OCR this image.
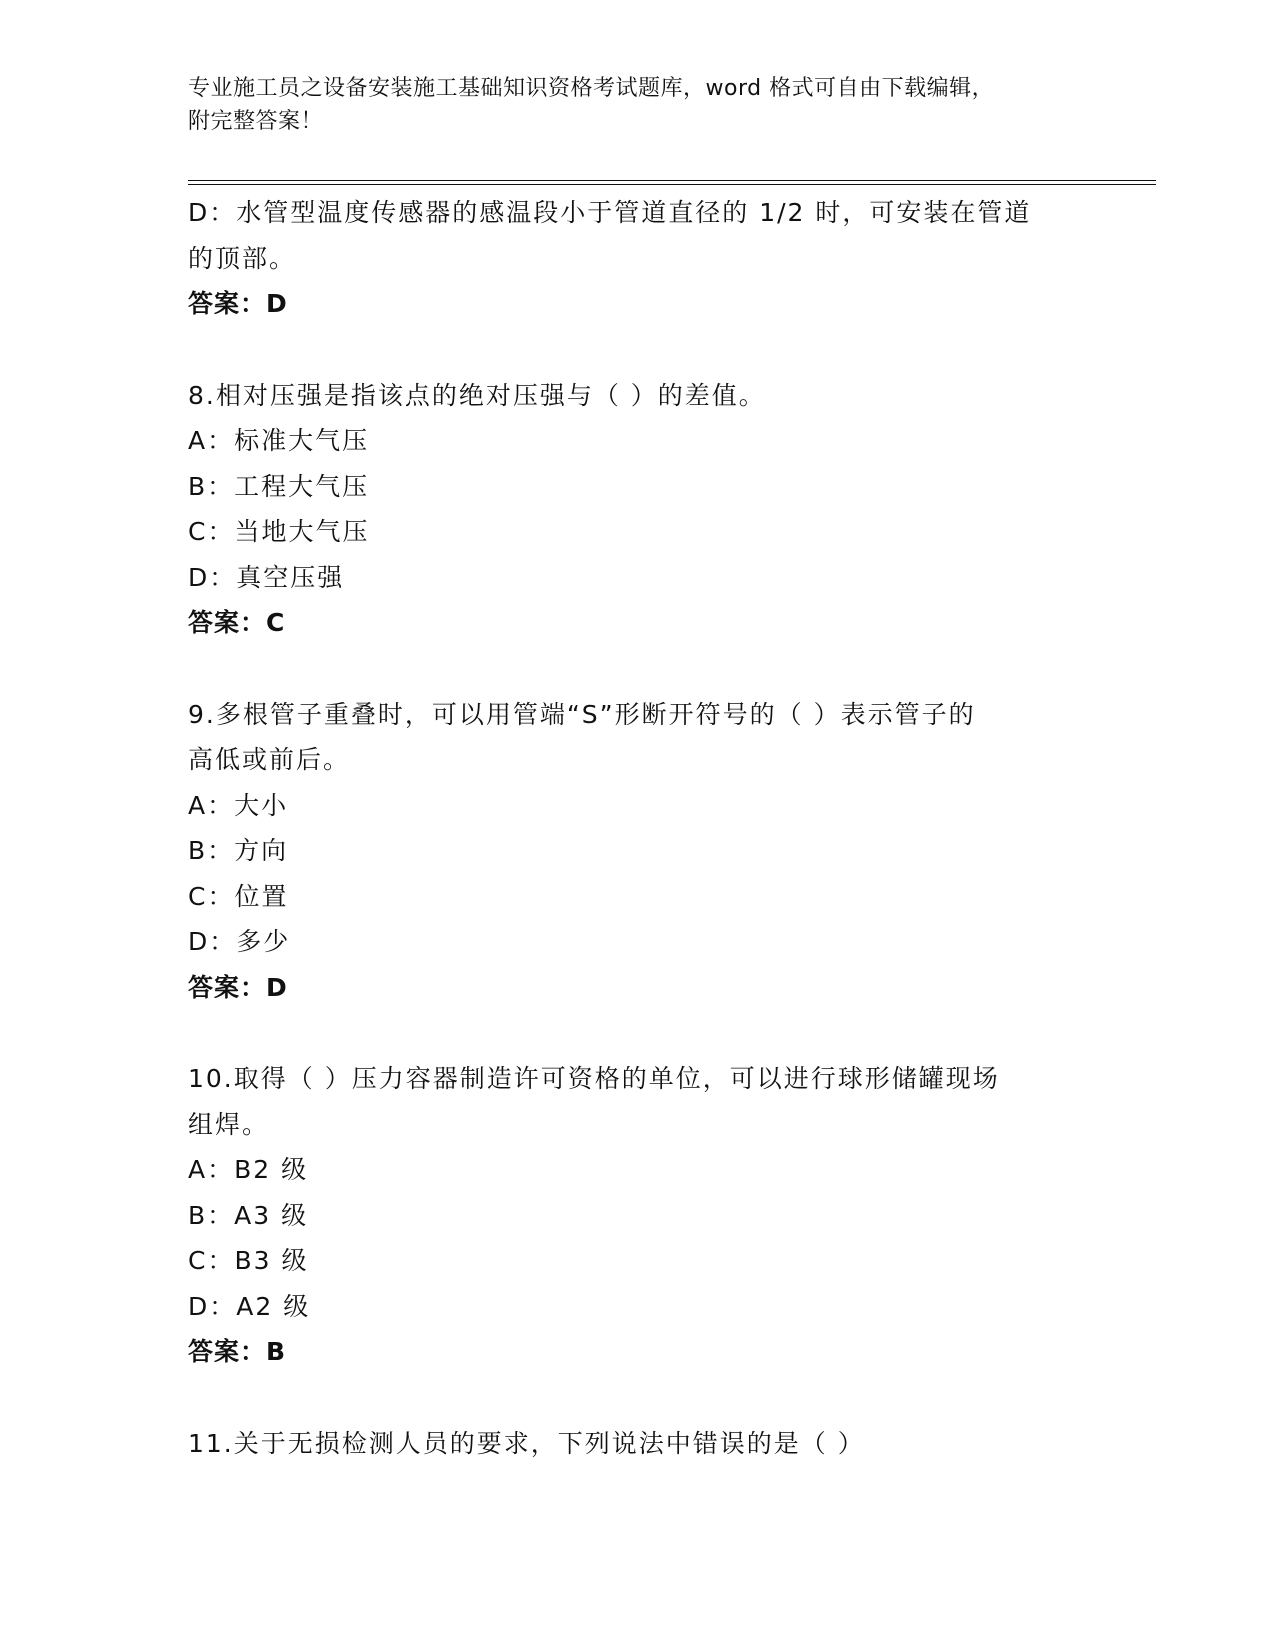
专业施工员之设备安装施工基础知识资格考试题库，word 格式可自由下载编辑，
附完整答案！
D：水管型温度传感器的感温段小于管道直径的 1/2 时，可安装在管道
的顶部。
答案：D
8.相对压强是指该点的绝对压强与（ ）的差值。
A：标准大气压
B：工程大气压
C：当地大气压
D：真空压强
答案：C
9.多根管子重叠时，可以用管端“S”形断开符号的（ ）表示管子的
高低或前后。
A：大小
B：方向
C：位置
D：多少
答案：D
10.取得（ ）压力容器制造许可资格的单位，可以进行球形储罐现场
组焊。
A：B2 级
B：A3 级
C：B3 级
D：A2 级
答案：B
11.关于无损检测人员的要求，下列说法中错误的是（ ）
